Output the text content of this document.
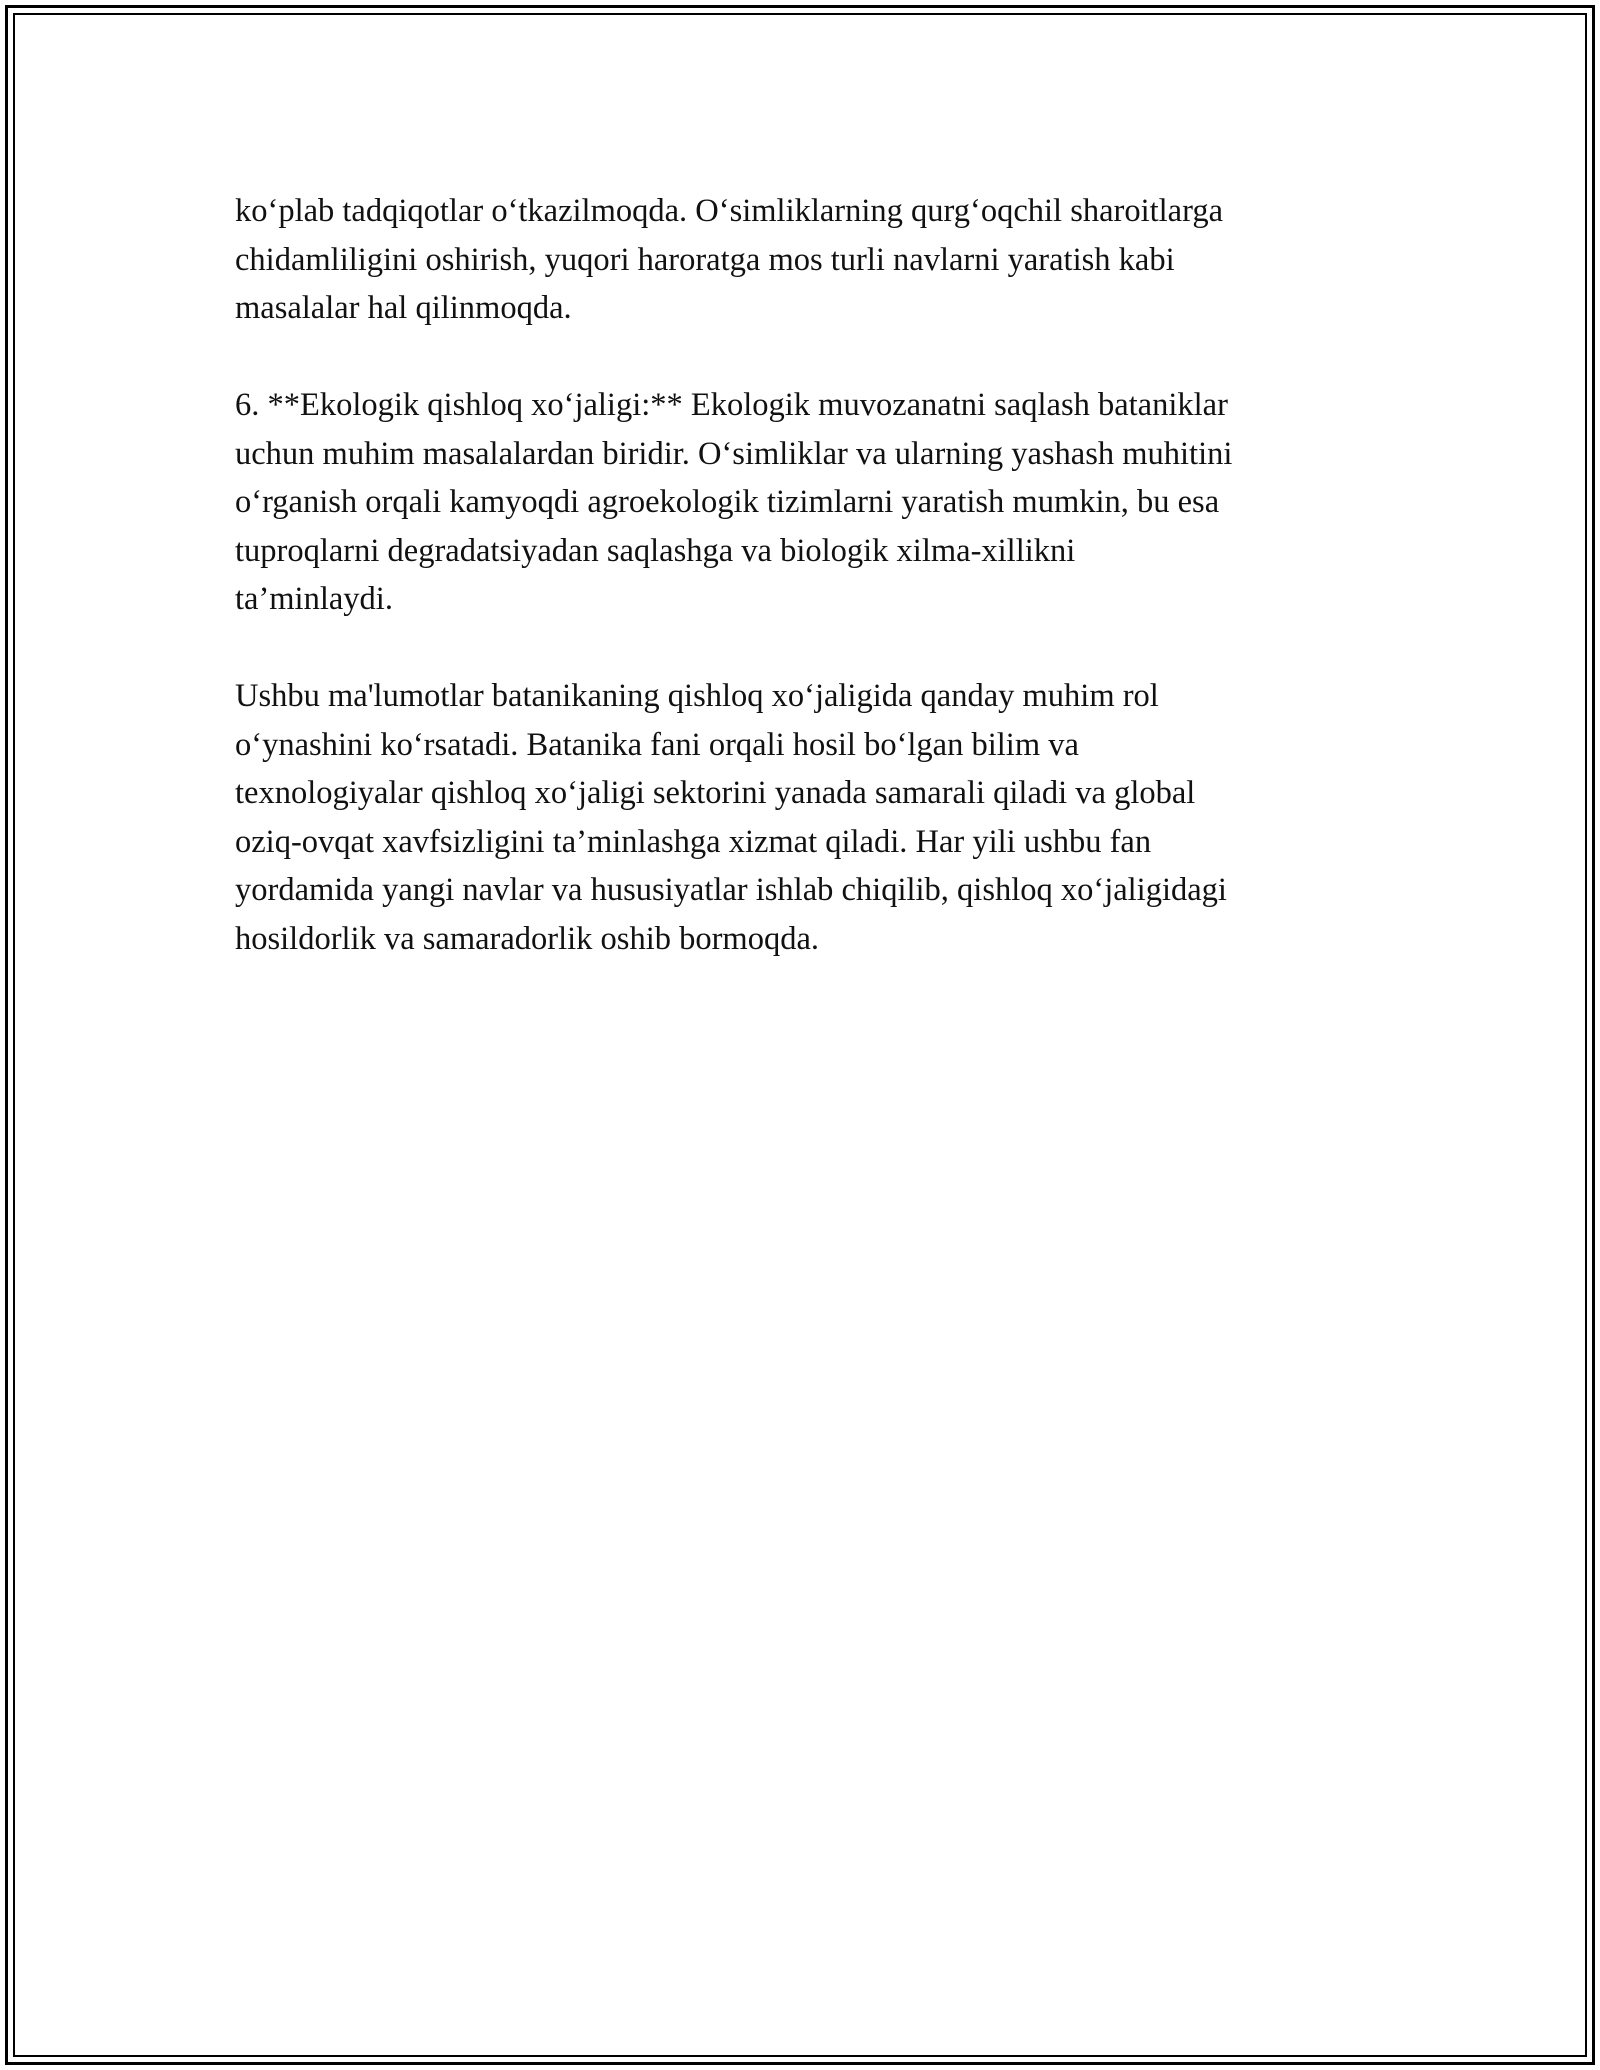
ko‘plab tadqiqotlar o‘tkazilmoqda. O‘simliklarning qurg‘oqchil sharoitlarga
chidamliligini oshirish, yuqori haroratga mos turli navlarni yaratish kabi
masalalar hal qilinmoqda.

6. **Ekologik qishloq xo‘jaligi:** Ekologik muvozanatni saqlash bataniklar
uchun muhim masalalardan biridir. O‘simliklar va ularning yashash muhitini
o‘rganish orqali kamyoqdi agroekologik tizimlarni yaratish mumkin, bu esa
tuproqlarni degradatsiyadan saqlashga va biologik xilma-xillikni
ta’minlaydi.

Ushbu ma'lumotlar batanikaning qishloq xo‘jaligida qanday muhim rol
o‘ynashini ko‘rsatadi. Batanika fani orqali hosil bo‘lgan bilim va
texnologiyalar qishloq xo‘jaligi sektorini yanada samarali qiladi va global
oziq-ovqat xavfsizligini ta’minlashga xizmat qiladi. Har yili ushbu fan
yordamida yangi navlar va hususiyatlar ishlab chiqilib, qishloq xo‘jaligidagi
hosildorlik va samaradorlik oshib bormoqda.
